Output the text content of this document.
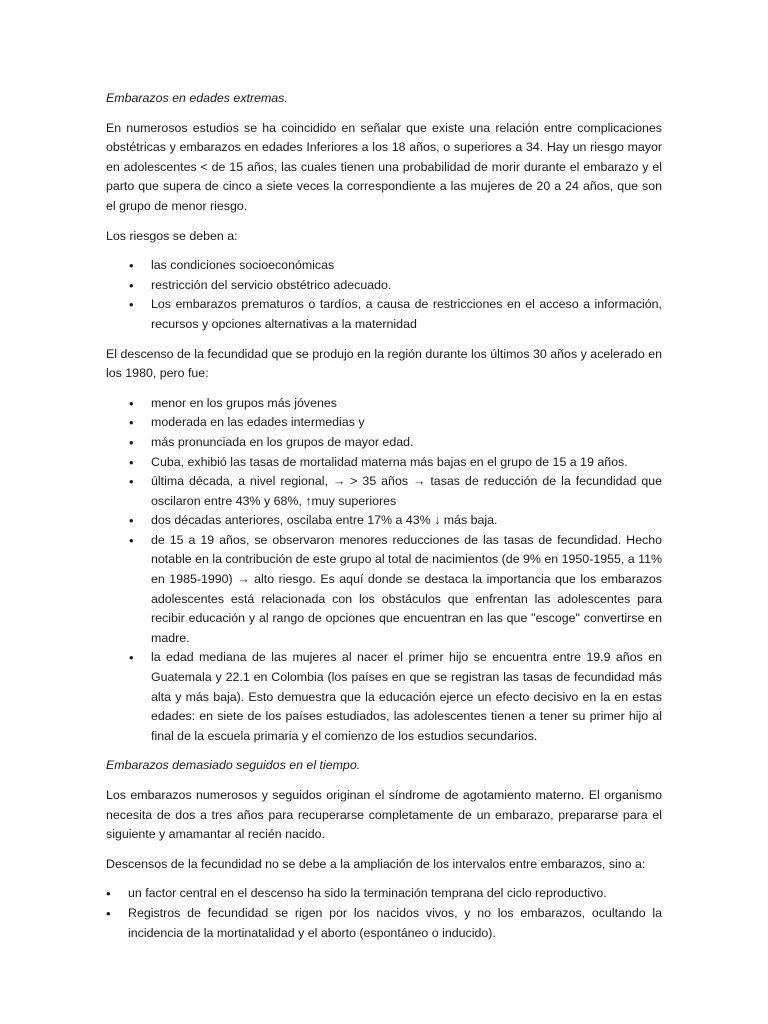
Embarazos en edades extremas.

En numerosos estudios se ha coincidido en señalar que existe una relación entre complicaciones obstétricas y embarazos en edades Inferiores a los 18 años, o superiores a 34. Hay un riesgo mayor en adolescentes < de 15 años, las cuales tienen una probabilidad de morir durante el embarazo y el parto que supera de cinco a siete veces la correspondiente a las mujeres de 20 a 24 años, que son el grupo de menor riesgo.

Los riesgos se deben a:

• las condiciones socioeconómicas
• restricción del servicio obstétrico adecuado.
• Los embarazos prematuros o tardíos, a causa de restricciones en el acceso a información, recursos y opciones alternativas a la maternidad

El descenso de la fecundidad que se produjo en la región durante los últimos 30 años y acelerado en los 1980, pero fue:

• menor en los grupos más jóvenes
• moderada en las edades intermedias y
• más pronunciada en los grupos de mayor edad.
• Cuba, exhibió las tasas de mortalidad materna más bajas en el grupo de 15 a 19 años.
• última década, a nivel regional, → > 35 años → tasas de reducción de la fecundidad que oscilaron entre 43% y 68%, ↑muy superiores
• dos décadas anteriores, oscilaba entre 17% a 43% ↓ más baja.
• de 15 a 19 años, se observaron menores reducciones de las tasas de fecundidad. Hecho notable en la contribución de este grupo al total de nacimientos (de 9% en 1950-1955, a 11% en 1985-1990) → alto riesgo. Es aquí donde se destaca la importancia que los embarazos adolescentes está relacionada con los obstáculos que enfrentan las adolescentes para recibir educación y al rango de opciones que encuentran en las que "escoge" convertirse en madre.
• la edad mediana de las mujeres al nacer el primer hijo se encuentra entre 19.9 años en Guatemala y 22.1 en Colombia (los países en que se registran las tasas de fecundidad más alta y más baja). Esto demuestra que la educación ejerce un efecto decisivo en la en estas edades: en siete de los países estudiados, las adolescentes tienen a tener su primer hijo al final de la escuela primaria y el comienzo de los estudios secundarios.
Embarazos demasiado seguidos en el tiempo.

Los embarazos numerosos y seguidos originan el síndrome de agotamiento materno. El organismo necesita de dos a tres años para recuperarse completamente de un embarazo, prepararse para el siguiente y amamantar al recién nacido.

Descensos de la fecundidad no se debe a la ampliación de los intervalos entre embarazos, sino a:

• un factor central en el descenso ha sido la terminación temprana del ciclo reproductivo.
• Registros de fecundidad se rigen por los nacidos vivos, y no los embarazos, ocultando la incidencia de la mortinatalidad y el aborto (espontáneo o inducido).
